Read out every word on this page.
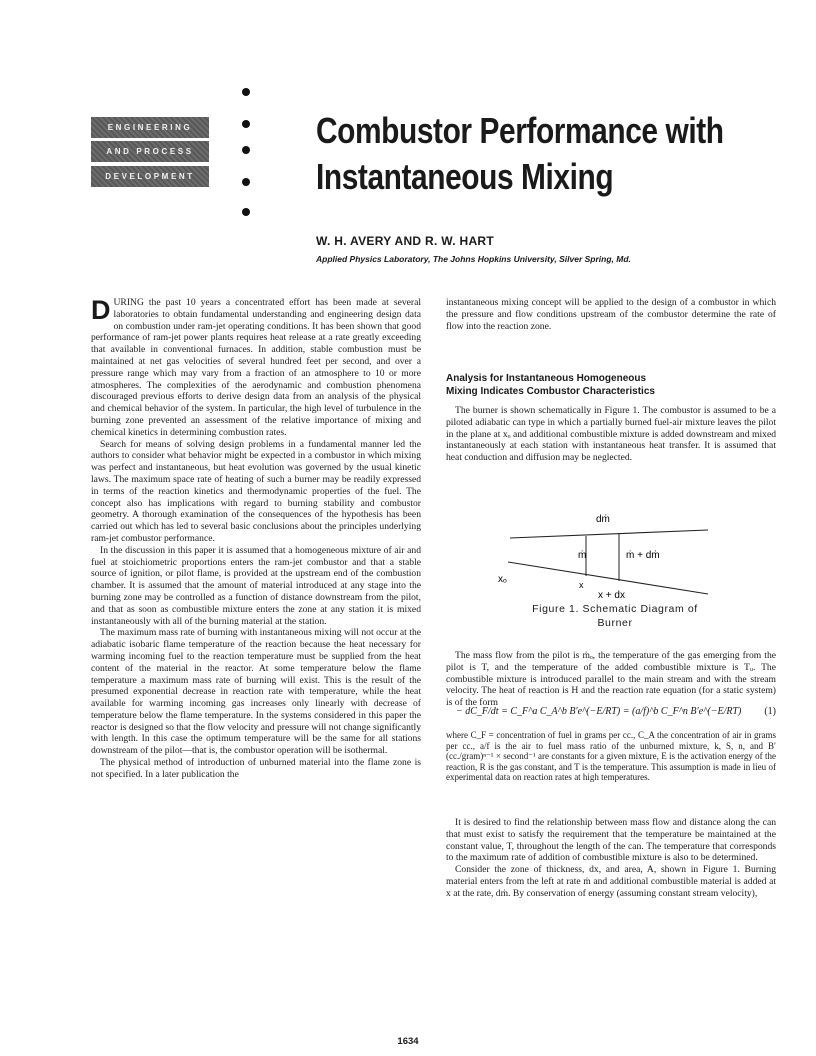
ENGINEERING
AND PROCESS
DEVELOPMENT
Combustor Performance with
Instantaneous Mixing
W. H. AVERY AND R. W. HART
Applied Physics Laboratory, The Johns Hopkins University, Silver Spring, Md.

DURING the past 10 years a concentrated effort has been made at several laboratories to obtain fundamental understanding and engineering design data on combustion under ram-jet operating conditions. It has been shown that good performance of ram-jet power plants requires heat release at a rate greatly exceeding that available in conventional furnaces. In addition, stable combustion must be maintained at net gas velocities of several hundred feet per second, and over a pressure range which may vary from a fraction of an atmosphere to 10 or more atmospheres. The complexities of the aerodynamic and combustion phenomena discouraged previous efforts to derive design data from an analysis of the physical and chemical behavior of the system. In particular, the high level of turbulence in the burning zone prevented an assessment of the relative importance of mixing and chemical kinetics in determining combustion rates.

Search for means of solving design problems in a fundamental manner led the authors to consider what behavior might be expected in a combustor in which mixing was perfect and instantaneous, but heat evolution was governed by the usual kinetic laws. The maximum space rate of heating of such a burner may be readily expressed in terms of the reaction kinetics and thermodynamic properties of the fuel. The concept also has implications with regard to burning stability and combustor geometry. A thorough examination of the consequences of the hypothesis has been carried out which has led to several basic conclusions about the principles underlying ram-jet combustor performance.

In the discussion in this paper it is assumed that a homogeneous mixture of air and fuel at stoichiometric proportions enters the ram-jet combustor and that a stable source of ignition, or pilot flame, is provided at the upstream end of the combustion chamber. It is assumed that the amount of material introduced at any stage into the burning zone may be controlled as a function of distance downstream from the pilot, and that as soon as combustible mixture enters the zone at any station it is mixed instantaneously with all of the burning material at the station.

The maximum mass rate of burning with instantaneous mixing will not occur at the adiabatic isobaric flame temperature of the reaction because the heat necessary for warming incoming fuel to the reaction temperature must be supplied from the heat content of the material in the reactor. At some temperature below the flame temperature a maximum mass rate of burning will exist. This is the result of the presumed exponential decrease in reaction rate with temperature, while the heat available for warming incoming gas increases only linearly with decrease of temperature below the flame temperature. In the systems considered in this paper the reactor is designed so that the flow velocity and pressure will not change significantly with length. In this case the optimum temperature will be the same for all stations downstream of the pilot—that is, the combustor operation will be isothermal.

The physical method of introduction of unburned material into the flame zone is not specified. In a later publication the

instantaneous mixing concept will be applied to the design of a combustor in which the pressure and flow conditions upstream of the combustor determine the rate of flow into the reaction zone.

Analysis for Instantaneous Homogeneous
Mixing Indicates Combustor Characteristics

The burner is shown schematically in Figure 1. The combustor is assumed to be a piloted adiabatic can type in which a partially burned fuel-air mixture leaves the pilot in the plane at xₒ and additional combustible mixture is added downstream and mixed instantaneously at each station with instantaneous heat transfer. It is assumed that heat conduction and diffusion may be neglected.

dṁ
ṁ	ṁ + dṁ
xₒ	x
x + dx
Figure 1. Schematic Diagram of
Burner

The mass flow from the pilot is ṁₒ, the temperature of the gas emerging from the pilot is T, and the temperature of the added combustible mixture is Tᵤ. The combustible mixture is introduced parallel to the main stream and with the stream velocity. The heat of reaction is H and the reaction rate equation (for a static system) is of the form

− dC_F/dt = C_F^a C_A^b B′e^(−E/RT) = (a/f)^b C_F^n B′e^(−E/RT) (1)

where C_F = concentration of fuel in grams per cc., C_A the concentration of air in grams per cc., a/f is the air to fuel mass ratio of the unburned mixture, k, S, n, and B′ (cc./gram)ⁿ⁻¹ × second⁻¹ are constants for a given mixture, E is the activation energy of the reaction, R is the gas constant, and T is the temperature. This assumption is made in lieu of experimental data on reaction rates at high temperatures.

It is desired to find the relationship between mass flow and distance along the can that must exist to satisfy the requirement that the temperature be maintained at the constant value, T, throughout the length of the can. The temperature that corresponds to the maximum rate of addition of combustible mixture is also to be determined.

Consider the zone of thickness, dx, and area, A, shown in Figure 1. Burning material enters from the left at rate ṁ and additional combustible material is added at x at the rate, dṁ. By conservation of energy (assuming constant stream velocity),

1634
